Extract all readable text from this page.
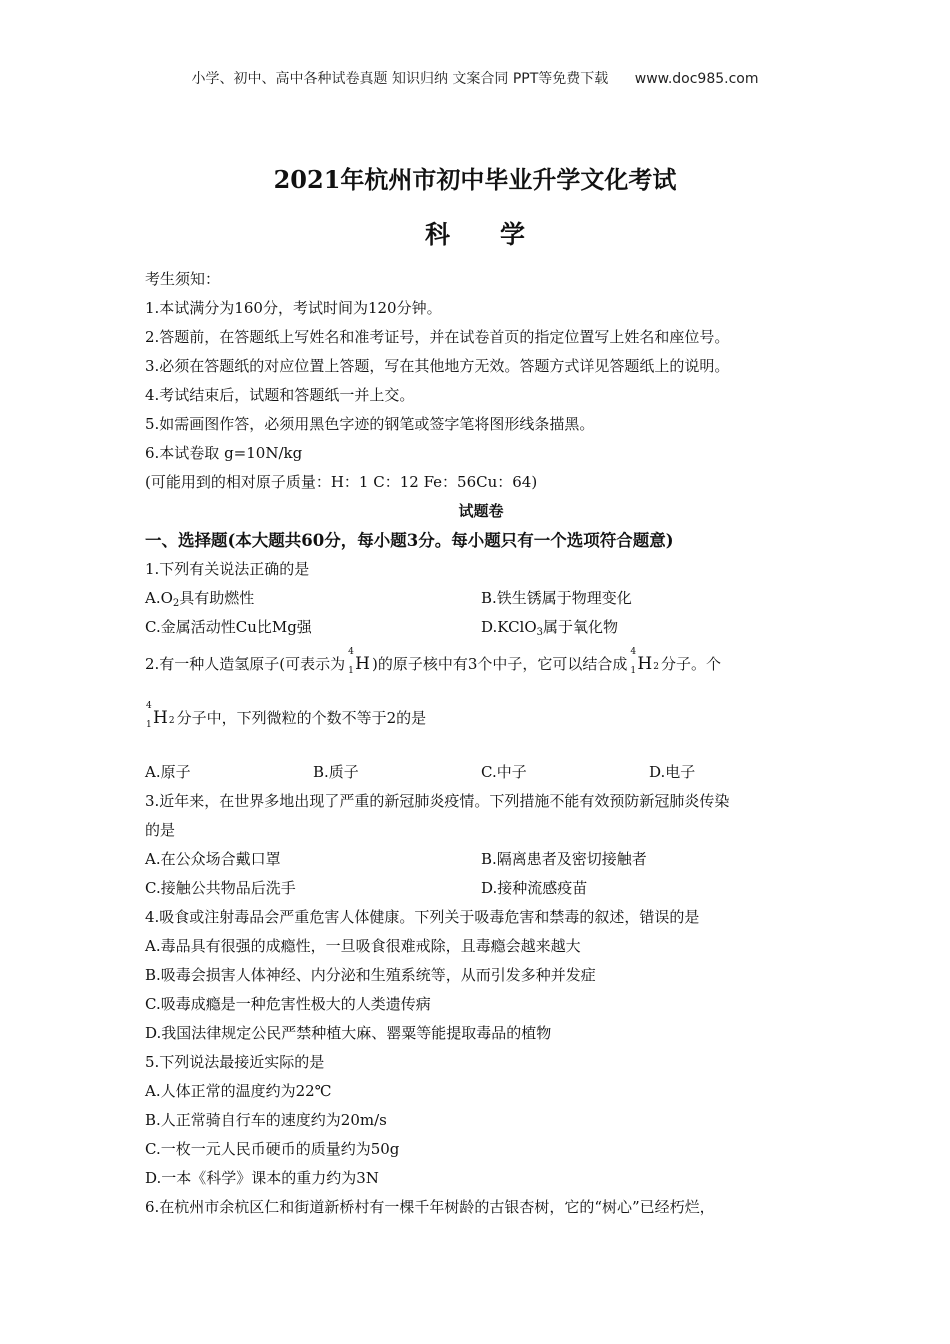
小学、初中、高中各种试卷真题 知识归纳 文案合同 PPT等免费下载 www.doc985.com
2021年杭州市初中毕业升学文化考试
科学
考生须知：
1.本试满分为160分，考试时间为120分钟。
2.答题前，在答题纸上写姓名和准考证号，并在试卷首页的指定位置写上姓名和座位号。
3.必须在答题纸的对应位置上答题，写在其他地方无效。答题方式详见答题纸上的说明。
4.考试结束后，试题和答题纸一并上交。
5.如需画图作答，必须用黑色字迹的钢笔或签字笔将图形线条描黑。
6.本试卷取 g=10N/kg
(可能用到的相对原子质量：H：1 C：12 Fe：56Cu：64)
试题卷
一、选择题(本大题共60分，每小题3分。每小题只有一个选项符合题意)
1.下列有关说法正确的是
$A.O_2$具有助燃性	B.铁生锈属于物理变化
C.金属活动性Cu比Mg强	D.KClO$_3$属于氧化物
2.有一种人造氢原子(可表示为
4
1 H )的原子核中有3个中子，它可以结合成
4
1 H2 分子。个
4
1 H2 分子中，下列微粒的个数不等于2的是
A.原子	B.质子	C.中子	D.电子
3.近年来，在世界多地出现了严重的新冠肺炎疫情。下列措施不能有效预防新冠肺炎传染
的是
A.在公众场合戴口罩	B.隔离患者及密切接触者
C.接触公共物品后洗手	D.接种流感疫苗
4.吸食或注射毒品会严重危害人体健康。下列关于吸毒危害和禁毒的叙述，错误的是
A.毒品具有很强的成瘾性，一旦吸食很难戒除，且毒瘾会越来越大
B.吸毒会损害人体神经、内分泌和生殖系统等，从而引发多种并发症
C.吸毒成瘾是一种危害性极大的人类遗传病
D.我国法律规定公民严禁种植大麻、罂粟等能提取毒品的植物
5.下列说法最接近实际的是
A.人体正常的温度约为22℃
B.人正常骑自行车的速度约为20m/s
C.一枚一元人民币硬币的质量约为50g
D.一本《科学》课本的重力约为3N
6.在杭州市余杭区仁和街道新桥村有一棵千年树龄的古银杏树，它的“树心”已经朽烂，
